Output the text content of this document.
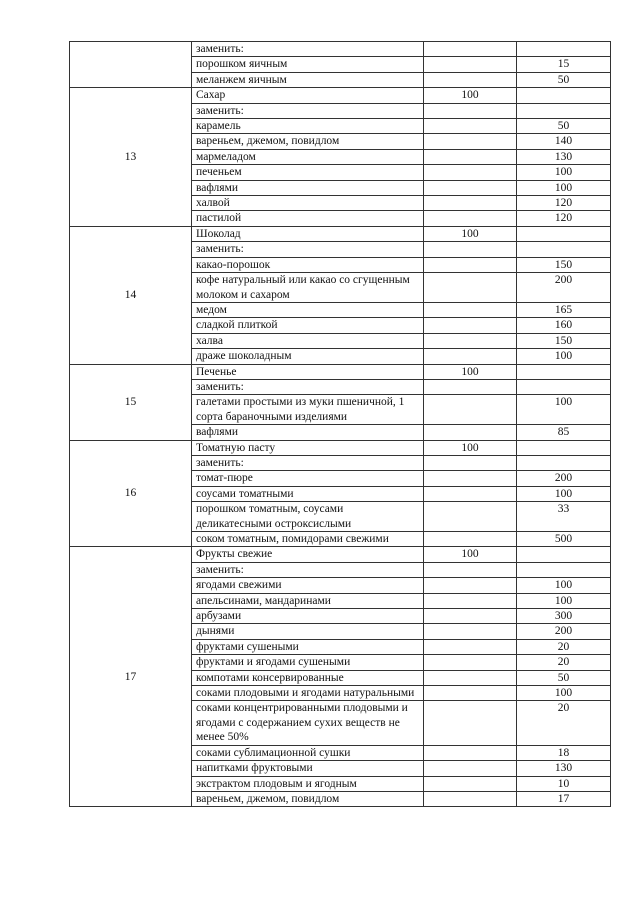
	заменить:		
	порошком яичным		15
	меланжем яичным		50
13	Сахар	100	
	заменить:		
	карамель		50
	вареньем, джемом, повидлом		140
	мармеладом		130
	печеньем		100
	вафлями		100
	халвой		120
	пастилой		120
14	Шоколад	100	
	заменить:		
	какао-порошок		150
	кофе натуральный или какао со сгущенным молоком и сахаром		200
	медом		165
	сладкой плиткой		160
	халва		150
	драже шоколадным		100
15	Печенье	100	
	заменить:		
	галетами простыми из муки пшеничной, 1 сорта бараночными изделиями		100
	вафлями		85
16	Томатную пасту	100	
	заменить:		
	томат-пюре		200
	соусами томатными		100
	порошком томатным, соусами деликатесными остроксислыми		33
	соком томатным, помидорами свежими		500
17	Фрукты свежие	100	
	заменить:		
	ягодами свежими		100
	апельсинами, мандаринами		100
	арбузами		300
	дынями		200
	фруктами сушеными		20
	фруктами и ягодами сушеными		20
	компотами консервированные		50
	соками плодовыми и ягодами натуральными		100
	соками концентрированными плодовыми и ягодами с содержанием сухих веществ не менее 50%		20
	соками сублимационной сушки		18
	напитками фруктовыми		130
	экстрактом плодовым и ягодным		10
	вареньем, джемом, повидлом		17
